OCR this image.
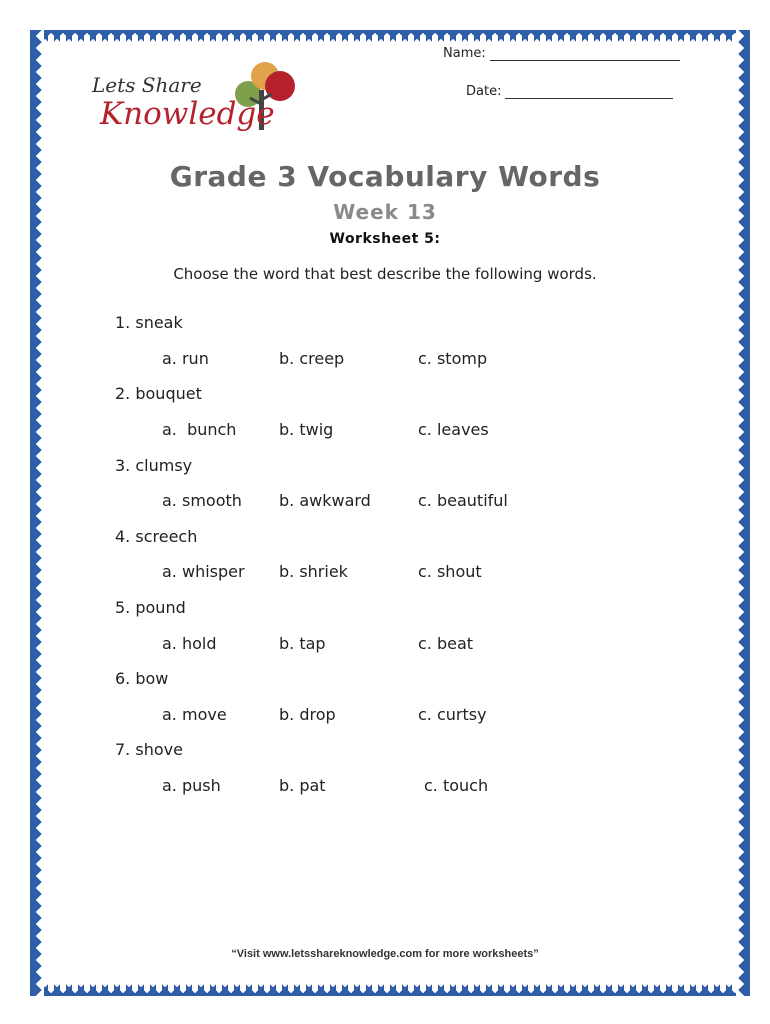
Name:
Date:
Lets Share
Knowledge
Grade 3 Vocabulary Words
Week 13
Worksheet 5:
Choose the word that best describe the following words.
1. sneak
a. run	b. creep	c. stomp
2. bouquet
a.  bunch	b. twig	c. leaves
3. clumsy
a. smooth b. awkward	c. beautiful
4. screech
a. whisper b. shriek	c. shout
5. pound
a. hold	b. tap	c. beat
6. bow
a. move	b. drop	c. curtsy
7. shove
a. push	b. pat	c. touch
“Visit www.letsshareknowledge.com for more worksheets”
